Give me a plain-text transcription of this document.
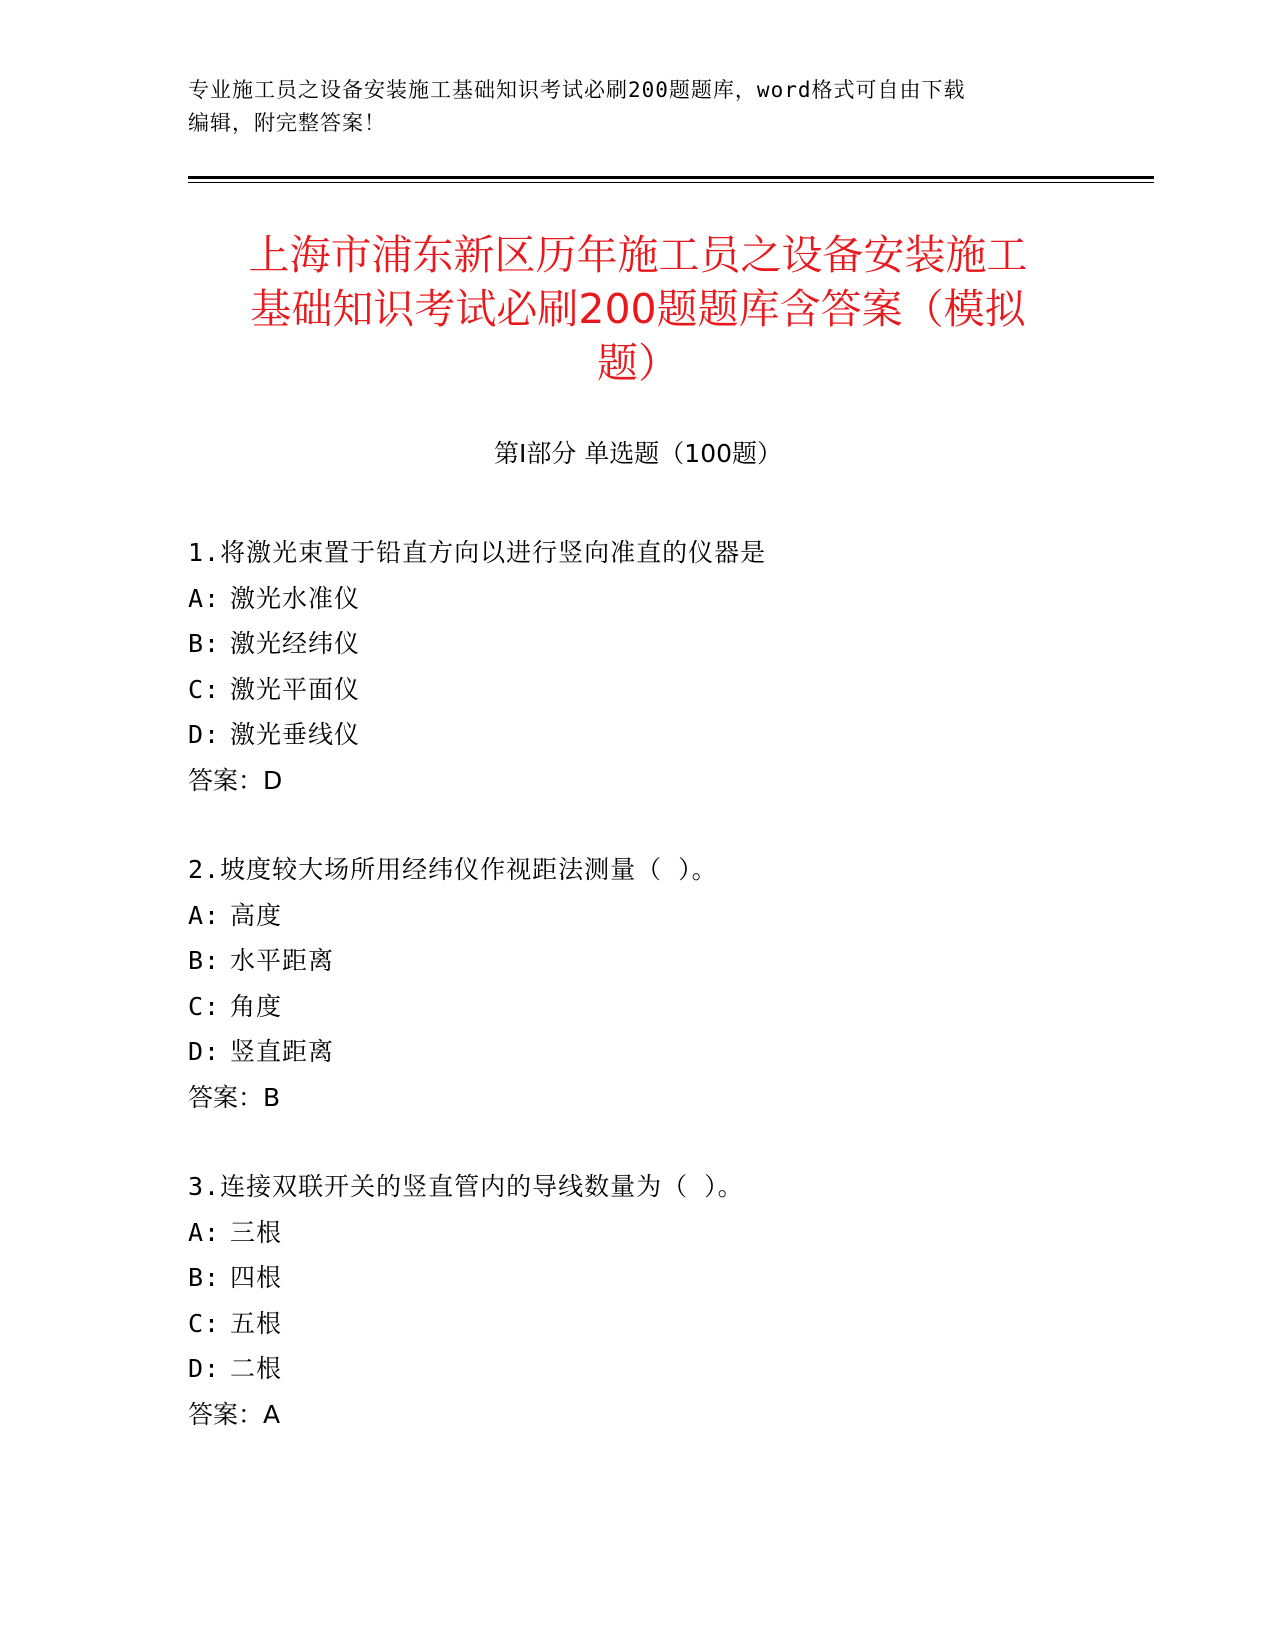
专业施工员之设备安装施工基础知识考试必刷200题题库，word格式可自由下载
编辑，附完整答案！
上海市浦东新区历年施工员之设备安装施工
基础知识考试必刷200题题库含答案（模拟
题）
第Ⅰ部分 单选题（100题）
1.将激光束置于铅直方向以进行竖向准直的仪器是
A: 激光水准仪
B: 激光经纬仪
C: 激光平面仪
D: 激光垂线仪
答案：D
2.坡度较大场所用经纬仪作视距法测量（ ）。
A: 高度
B: 水平距离
C: 角度
D: 竖直距离
答案：B
3.连接双联开关的竖直管内的导线数量为（ ）。
A: 三根
B: 四根
C: 五根
D: 二根
答案：A
